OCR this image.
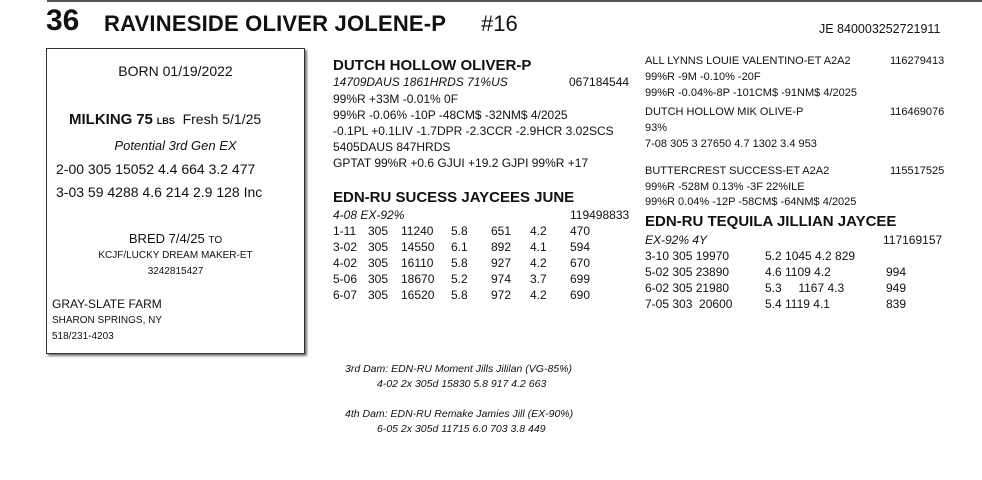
36 RAVINESIDE OLIVER JOLENE-P #16	JE 840003252721911
BORN 01/19/2022
MILKING 75 LBS Fresh 5/1/25
Potential 3rd Gen EX
2-00 305 15052 4.4 664 3.2 477
3-03 59 4288 4.6 214 2.9 128 Inc
BRED 7/4/25 TO
KCJF/LUCKY DREAM MAKER-ET
3242815427
GRAY-SLATE FARM
SHARON SPRINGS, NY
518/231-4203
DUTCH HOLLOW OLIVER-P
14709DAUS 1861HRDS 71%US	067184544
99%R +33M -0.01% 0F
99%R -0.06% -10P -48CM$ -32NM$ 4/2025
-0.1PL +0.1LIV -1.7DPR -2.3CCR -2.9HCR 3.02SCS
5405DAUS 847HRDS
GPTAT 99%R +0.6 GJUI +19.2 GJPI 99%R +17
EDN-RU SUCESS JAYCEES JUNE
4-08 EX-92%	119498833
1-11	305	11240	5.8	651	4.2	470
3-02	305	14550	6.1	892	4.1	594
4-02	305	16110	5.8	927	4.2	670
5-06	305	18670	5.2	974	3.7	699
6-07	305	16520	5.8	972	4.2	690
ALL LYNNS LOUIE VALENTINO-ET A2A2	116279413
99%R -9M -0.10% -20F
99%R -0.04%-8P -101CM$ -91NM$ 4/2025
DUTCH HOLLOW MIK OLIVE-P	116469076
93%
7-08 305 3 27650 4.7 1302 3.4 953
BUTTERCREST SUCCESS-ET A2A2	115517525
99%R -528M 0.13% -3F 22%ILE
99%R 0.04% -12P -58CM$ -64NM$ 4/2025
EDN-RU TEQUILA JILLIAN JAYCEE
EX-92% 4Y	117169157
3-10 305 19970	5.2 1045 4.2 829	
5-02 305 23890	4.6 1109 4.2	994
6-02 305 21980	5.3     1167 4.3	949
7-05 303  20600	5.4 1119 4.1	839
3rd Dam: EDN-RU Moment Jills Jililan (VG-85%)
4-02 2x 305d 15830 5.8 917 4.2 663
4th Dam: EDN-RU Remake Jamies Jill (EX-90%)
6-05 2x 305d 11715 6.0 703 3.8 449
